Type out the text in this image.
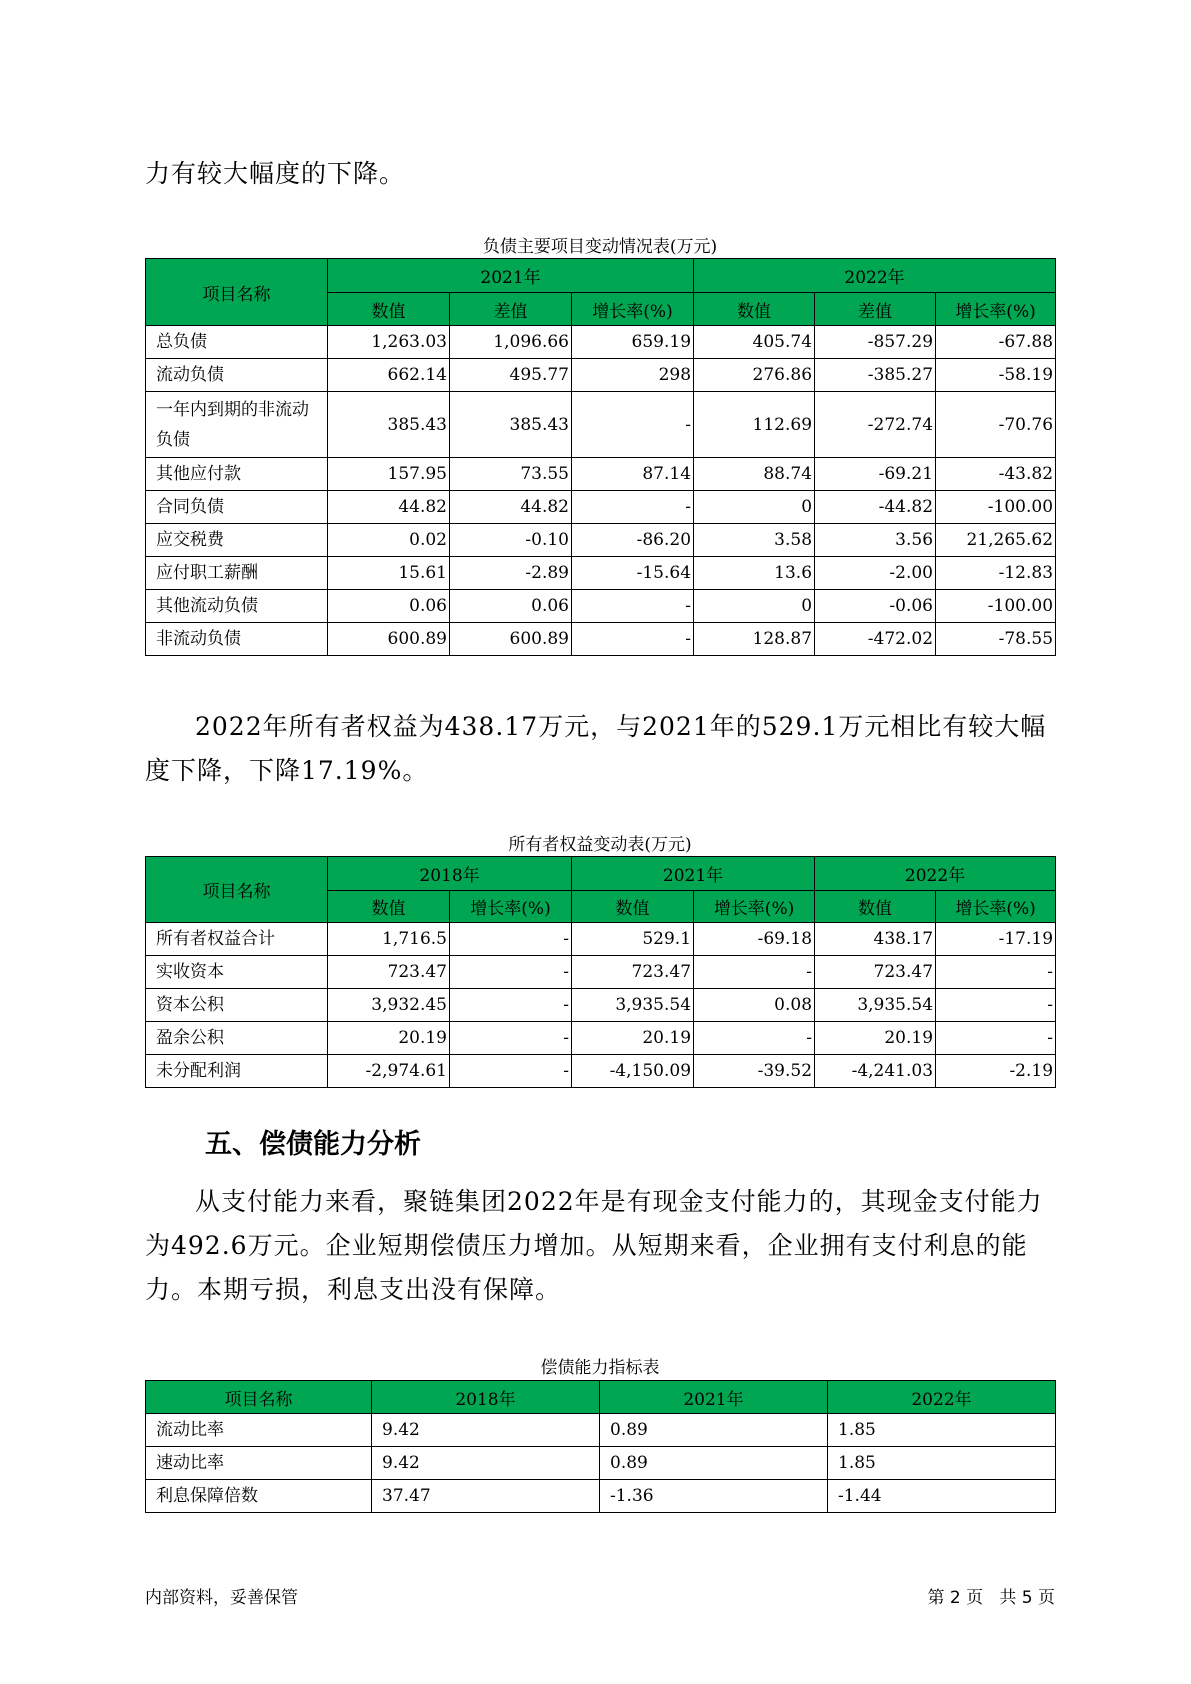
力有较大幅度的下降。

负债主要项目变动情况表(万元)

项目名称	2021年			2022年		
	数值	差值	增长率(%)	数值	差值	增长率(%)
总负债	1,263.03	1,096.66	659.19	405.74	-857.29	-67.88
流动负债	662.14	495.77	298	276.86	-385.27	-58.19
一年内到期的非流动负债	385.43	385.43	-	112.69	-272.74	-70.76
其他应付款	157.95	73.55	87.14	88.74	-69.21	-43.82
合同负债	44.82	44.82	-	0	-44.82	-100.00
应交税费	0.02	-0.10	-86.20	3.58	3.56	21,265.62
应付职工薪酬	15.61	-2.89	-15.64	13.6	-2.00	-12.83
其他流动负债	0.06	0.06	-	0	-0.06	-100.00
非流动负债	600.89	600.89	-	128.87	-472.02	-78.55

2022年所有者权益为438.17万元，与2021年的529.1万元相比有较大幅度下降，下降17.19%。

所有者权益变动表(万元)

项目名称	2018年		2021年		2022年	
	数值	增长率(%)	数值	增长率(%)	数值	增长率(%)
所有者权益合计	1,716.5	-	529.1	-69.18	438.17	-17.19
实收资本	723.47	-	723.47	-	723.47	-
资本公积	3,932.45	-	3,935.54	0.08	3,935.54	-
盈余公积	20.19	-	20.19	-	20.19	-
未分配利润	-2,974.61	-	-4,150.09	-39.52	-4,241.03	-2.19
五、偿债能力分析

从支付能力来看，聚链集团2022年是有现金支付能力的，其现金支付能力为492.6万元。企业短期偿债压力增加。从短期来看，企业拥有支付利息的能力。本期亏损，利息支出没有保障。

偿债能力指标表

项目名称	2018年	2021年	2022年
流动比率	9.42	0.89	1.85
速动比率	9.42	0.89	1.85
利息保障倍数	37.47	-1.36	-1.44
内部资料，妥善保管	第 2 页   共 5 页
